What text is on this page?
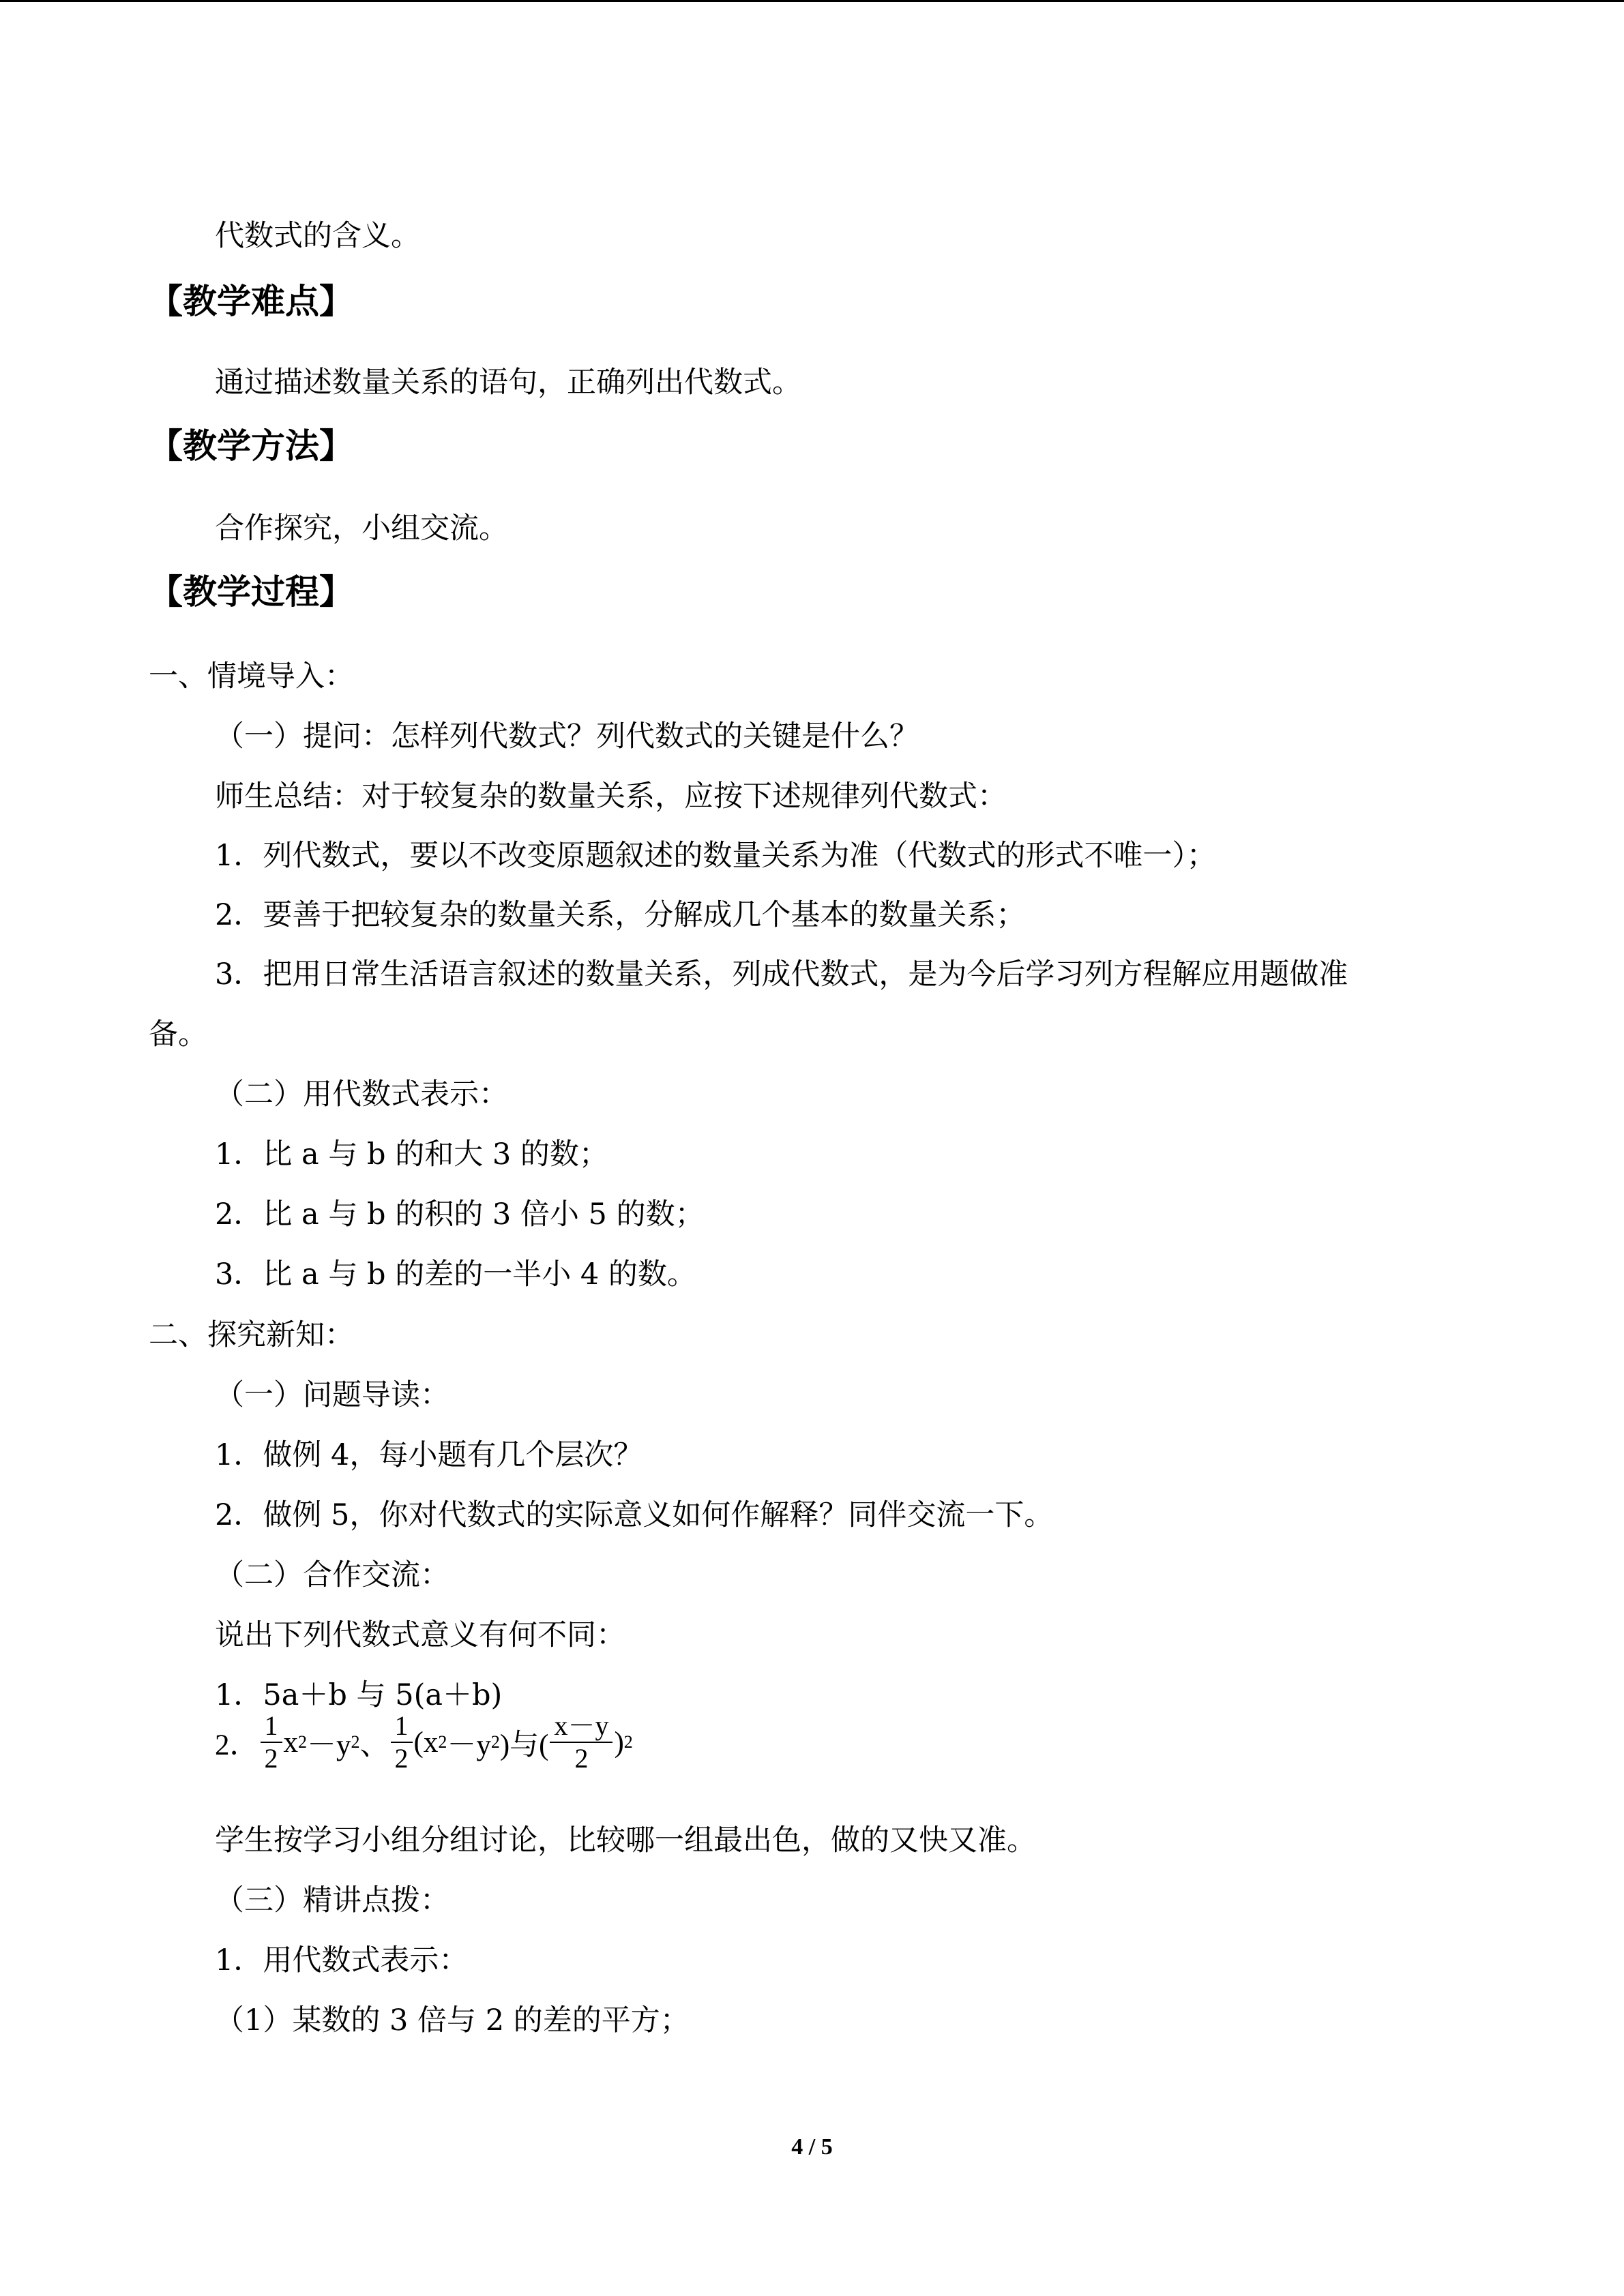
代数式的含义。
【教学难点】
通过描述数量关系的语句，正确列出代数式。
【教学方法】
合作探究，小组交流。
【教学过程】
一、情境导入：
（一）提问：怎样列代数式？列代数式的关键是什么？
师生总结：对于较复杂的数量关系，应按下述规律列代数式：
1．列代数式，要以不改变原题叙述的数量关系为准（代数式的形式不唯一）；
2．要善于把较复杂的数量关系，分解成几个基本的数量关系；
3．把用日常生活语言叙述的数量关系，列成代数式，是为今后学习列方程解应用题做准
备。
（二）用代数式表示：
1．比 a 与 b 的和大 3 的数；
2．比 a 与 b 的积的 3 倍小 5 的数；
3．比 a 与 b 的差的一半小 4 的数。
二、探究新知：
（一）问题导读：
1．做例 4，每小题有几个层次？
2．做例 5，你对代数式的实际意义如何作解释？同伴交流一下。
（二）合作交流：
说出下列代数式意义有何不同：
1．5a＋b 与 5(a＋b)
2． $\frac{1}{2}$ x 2 －y 2 、 $\frac{1}{2} (x$ 2 －y 2 )与( $\frac{x-y}{2}$ ) 2
学生按学习小组分组讨论，比较哪一组最出色，做的又快又准。
（三）精讲点拨：
1．用代数式表示：
（1）某数的 3 倍与 2 的差的平方；
4 / 5
